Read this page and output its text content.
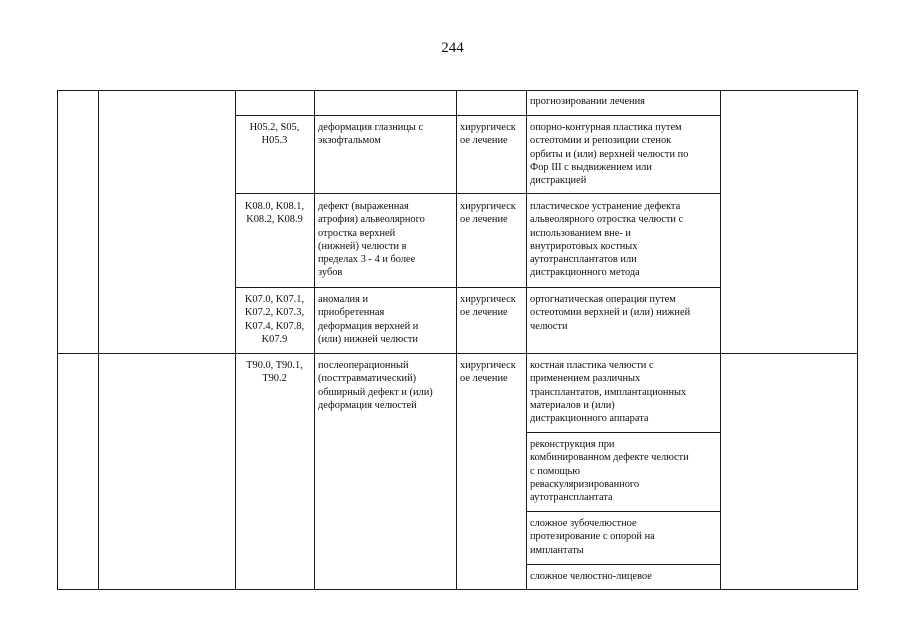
244
прогнозировании лечения
H05.2, S05,
H05.3
деформация глазницы с
экзофтальмом
хирургическ
ое лечение
опорно-контурная пластика путем
остеотомии и репозиции стенок
орбиты и (или) верхней челюсти по
Фор III с выдвижением или
дистракцией
K08.0, K08.1,
K08.2, K08.9
дефект (выраженная
атрофия) альвеолярного
отростка верхней
(нижней) челюсти в
пределах 3 - 4 и более
зубов
хирургическ
ое лечение
пластическое устранение дефекта
альвеолярного отростка челюсти с
использованием вне- и
внутриротовых костных
аутотрансплантатов или
дистракционного метода
K07.0, K07.1,
K07.2, K07.3,
K07.4, K07.8,
K07.9
аномалия и
приобретенная
деформация верхней и
(или) нижней челюсти
хирургическ
ое лечение
ортогнатическая операция путем
остеотомии верхней и (или) нижней
челюсти
T90.0, T90.1,
T90.2
послеоперационный
(посттравматический)
обширный дефект и (или)
деформация челюстей
хирургическ
ое лечение
костная пластика челюсти с
применением различных
трансплантатов, имплантационных
материалов и (или)
дистракционного аппарата
реконструкция при
комбинированном дефекте челюсти
с помощью
реваскуляризированного
аутотрансплантата
сложное зубочелюстное
протезирование с опорой на
имплантаты
сложное челюстно-лицевое
